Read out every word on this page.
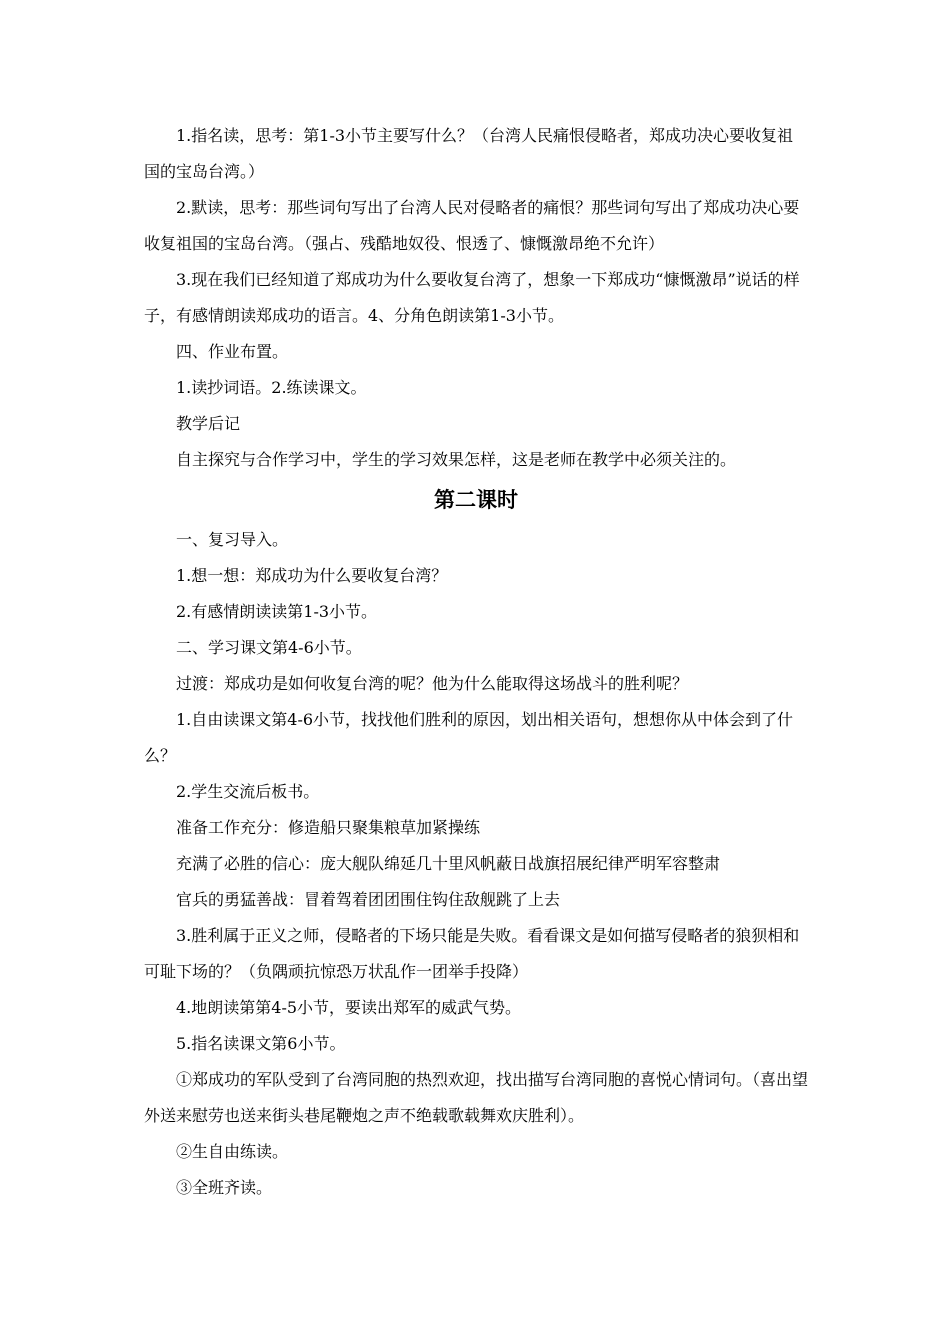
1.指名读，思考：第1-3小节主要写什么？（台湾人民痛恨侵略者，郑成功决心要收复祖国的宝岛台湾。）

2.默读，思考：那些词句写出了台湾人民对侵略者的痛恨？那些词句写出了郑成功决心要收复祖国的宝岛台湾。（强占、残酷地奴役、恨透了、慷慨激昂绝不允许）

3.现在我们已经知道了郑成功为什么要收复台湾了，想象一下郑成功“慷慨激昂”说话的样子，有感情朗读郑成功的语言。4、分角色朗读第1-3小节。

四、作业布置。

1.读抄词语。2.练读课文。

教学后记

自主探究与合作学习中，学生的学习效果怎样，这是老师在教学中必须关注的。

第二课时

一、复习导入。

1.想一想：郑成功为什么要收复台湾？

2.有感情朗读读第1-3小节。

二、学习课文第4-6小节。

过渡：郑成功是如何收复台湾的呢？他为什么能取得这场战斗的胜利呢？

1.自由读课文第4-6小节，找找他们胜利的原因，划出相关语句，想想你从中体会到了什么？

2.学生交流后板书。

准备工作充分：修造船只聚集粮草加紧操练

充满了必胜的信心：庞大舰队绵延几十里风帆蔽日战旗招展纪律严明军容整肃

官兵的勇猛善战：冒着驾着团团围住钩住敌舰跳了上去

3.胜利属于正义之师，侵略者的下场只能是失败。看看课文是如何描写侵略者的狼狈相和可耻下场的？（负隅顽抗惊恐万状乱作一团举手投降）

4.地朗读第第4-5小节，要读出郑军的威武气势。

5.指名读课文第6小节。

①郑成功的军队受到了台湾同胞的热烈欢迎，找出描写台湾同胞的喜悦心情词句。（喜出望外送来慰劳也送来街头巷尾鞭炮之声不绝载歌载舞欢庆胜利）。

②生自由练读。

③全班齐读。
